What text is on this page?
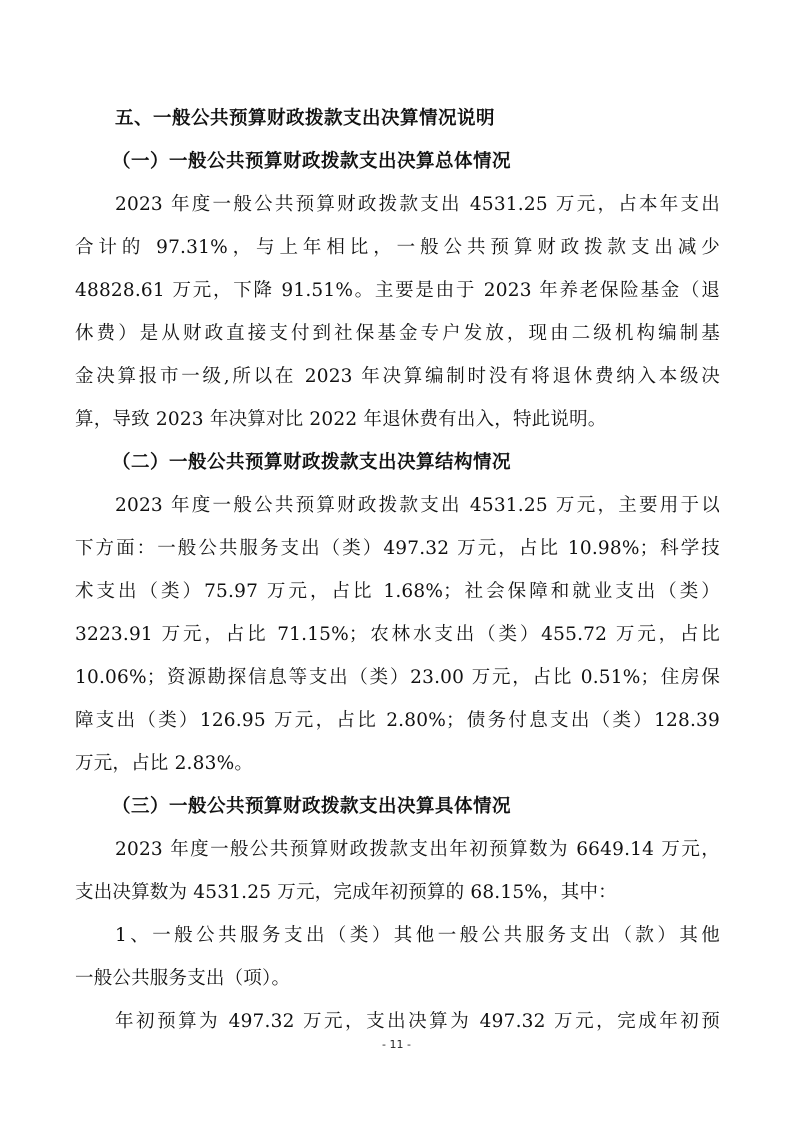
五、一般公共预算财政拨款支出决算情况说明
（一）一般公共预算财政拨款支出决算总体情况
2023 年度一般公共预算财政拨款支出 4531.25 万元，占本年支出
合计的 97.31%，与上年相比，一般公共预算财政拨款支出减少
48828.61 万元，下降 91.51%。主要是由于 2023 年养老保险基金（退
休费）是从财政直接支付到社保基金专户发放，现由二级机构编制基
金决算报市一级,所以在 2023 年决算编制时没有将退休费纳入本级决
算，导致 2023 年决算对比 2022 年退休费有出入，特此说明。
（二）一般公共预算财政拨款支出决算结构情况
2023 年度一般公共预算财政拨款支出 4531.25 万元，主要用于以
下方面：一般公共服务支出（类）497.32 万元，占比 10.98%；科学技
术支出（类）75.97 万元，占比 1.68%；社会保障和就业支出（类）
3223.91 万元，占比 71.15%；农林水支出（类）455.72 万元，占比
10.06%；资源勘探信息等支出（类）23.00 万元，占比 0.51%；住房保
障支出（类）126.95 万元，占比 2.80%；债务付息支出（类）128.39
万元，占比 2.83%。
（三）一般公共预算财政拨款支出决算具体情况
2023 年度一般公共预算财政拨款支出年初预算数为 6649.14 万元，
支出决算数为 4531.25 万元，完成年初预算的 68.15%，其中：
1、一般公共服务支出（类）其他一般公共服务支出（款）其他
一般公共服务支出（项）。
年初预算为 497.32 万元，支出决算为 497.32 万元，完成年初预
- 11 -
